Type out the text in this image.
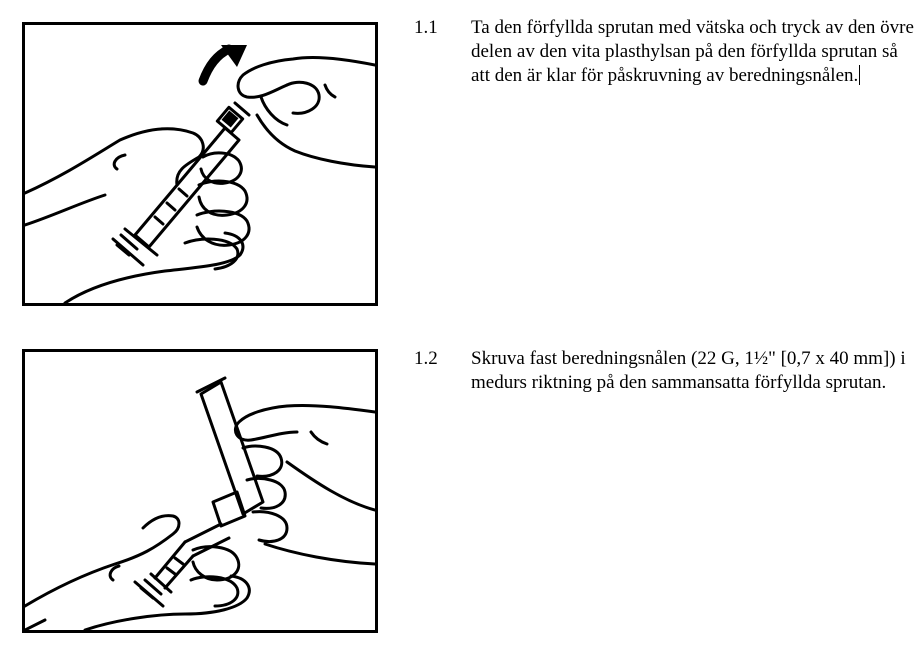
1.1 Ta den förfyllda sprutan med vätska och tryck av den övre delen av den vita plasthylsan på den förfyllda sprutan så att den är klar för påskruvning av beredningsnålen.

1.2 Skruva fast beredningsnålen (22 G, 1½" [0,7 x 40 mm]) i medurs riktning på den sammansatta förfyllda sprutan.
